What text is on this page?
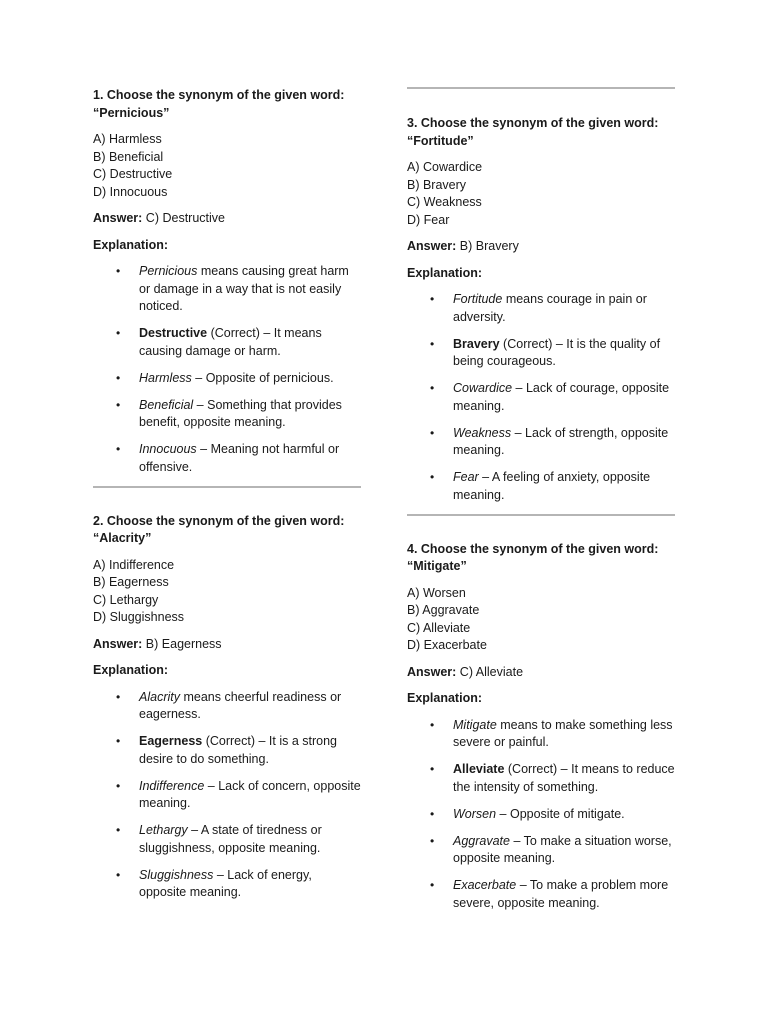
1. Choose the synonym of the given word:
“Pernicious”
A) Harmless
B) Beneficial
C) Destructive
D) Innocuous
Answer: C) Destructive
Explanation:
• Pernicious means causing great harm or damage in a way that is not easily noticed.
• Destructive (Correct) – It means causing damage or harm.
• Harmless – Opposite of pernicious.
• Beneficial – Something that provides benefit, opposite meaning.
• Innocuous – Meaning not harmful or offensive.
2. Choose the synonym of the given word:
“Alacrity”
A) Indifference
B) Eagerness
C) Lethargy
D) Sluggishness
Answer: B) Eagerness
Explanation:
• Alacrity means cheerful readiness or eagerness.
• Eagerness (Correct) – It is a strong desire to do something.
• Indifference – Lack of concern, opposite meaning.
• Lethargy – A state of tiredness or sluggishness, opposite meaning.
• Sluggishness – Lack of energy, opposite meaning.
3. Choose the synonym of the given word:
“Fortitude”
A) Cowardice
B) Bravery
C) Weakness
D) Fear
Answer: B) Bravery
Explanation:
• Fortitude means courage in pain or adversity.
• Bravery (Correct) – It is the quality of being courageous.
• Cowardice – Lack of courage, opposite meaning.
• Weakness – Lack of strength, opposite meaning.
• Fear – A feeling of anxiety, opposite meaning.
4. Choose the synonym of the given word:
“Mitigate”
A) Worsen
B) Aggravate
C) Alleviate
D) Exacerbate
Answer: C) Alleviate
Explanation:
• Mitigate means to make something less severe or painful.
• Alleviate (Correct) – It means to reduce the intensity of something.
• Worsen – Opposite of mitigate.
• Aggravate – To make a situation worse, opposite meaning.
• Exacerbate – To make a problem more severe, opposite meaning.
